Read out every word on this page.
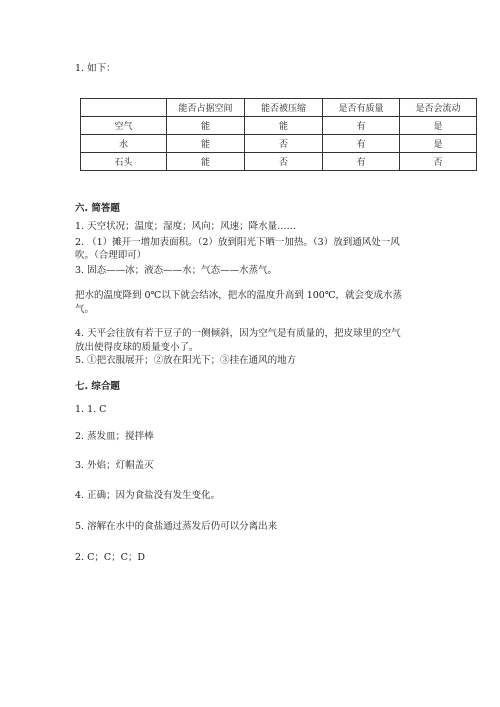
1. 如下：
	能否占据空间	能否被压缩	是否有质量	是否会流动
空气	能	能	有	是
水	能	否	有	是
石头	能	否	有	否
六. 简答题
1. 天空状况；温度；湿度；风向；风速；降水量……
2. （1）摊开一增加表面积。（2）放到阳光下晒一加热。（3）放到通风处一风
吹。（合理即可）
3. 固态——冰；液态——水；气态——水蒸气。
把水的温度降到 0℃以下就会结冰，把水的温度升高到 100℃，就会变成水蒸
气。
4. 天平会往放有若干豆子的一侧倾斜，因为空气是有质量的，把皮球里的空气
放出使得皮球的质量变小了。
5. ①把衣服展开；②放在阳光下；③挂在通风的地方
七. 综合题
1. 1. C
2. 蒸发皿；搅拌棒
3. 外焰；灯帽盖灭
4. 正确；因为食盐没有发生变化。
5. 溶解在水中的食盐通过蒸发后仍可以分离出来
2. C；C；C；D
